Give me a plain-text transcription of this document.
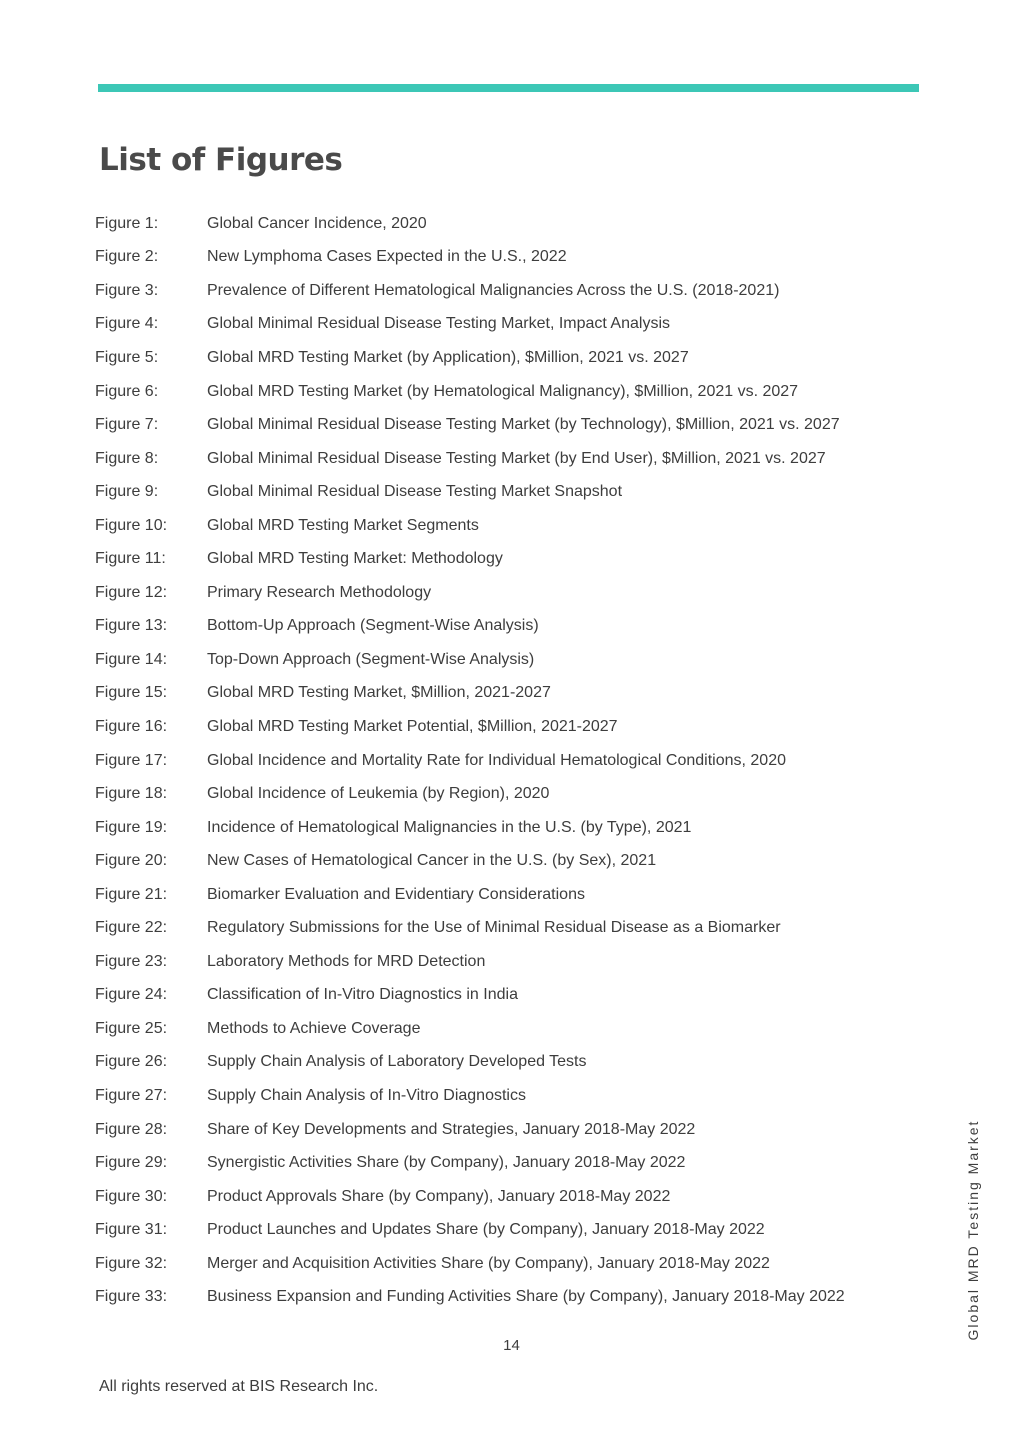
List of Figures
Figure 1:	Global Cancer Incidence, 2020
Figure 2:	New Lymphoma Cases Expected in the U.S., 2022
Figure 3:	Prevalence of Different Hematological Malignancies Across the U.S. (2018-2021)
Figure 4:	Global Minimal Residual Disease Testing Market, Impact Analysis
Figure 5:	Global MRD Testing Market (by Application), $Million, 2021 vs. 2027
Figure 6:	Global MRD Testing Market (by Hematological Malignancy), $Million, 2021 vs. 2027
Figure 7:	Global Minimal Residual Disease Testing Market (by Technology), $Million, 2021 vs. 2027
Figure 8:	Global Minimal Residual Disease Testing Market (by End User), $Million, 2021 vs. 2027
Figure 9:	Global Minimal Residual Disease Testing Market Snapshot
Figure 10:	Global MRD Testing Market Segments
Figure 11:	Global MRD Testing Market: Methodology
Figure 12:	Primary Research Methodology
Figure 13:	Bottom-Up Approach (Segment-Wise Analysis)
Figure 14:	Top-Down Approach (Segment-Wise Analysis)
Figure 15:	Global MRD Testing Market, $Million, 2021-2027
Figure 16:	Global MRD Testing Market Potential, $Million, 2021-2027
Figure 17:	Global Incidence and Mortality Rate for Individual Hematological Conditions, 2020
Figure 18:	Global Incidence of Leukemia (by Region), 2020
Figure 19:	Incidence of Hematological Malignancies in the U.S. (by Type), 2021
Figure 20:	New Cases of Hematological Cancer in the U.S. (by Sex), 2021
Figure 21:	Biomarker Evaluation and Evidentiary Considerations
Figure 22:	Regulatory Submissions for the Use of Minimal Residual Disease as a Biomarker
Figure 23:	Laboratory Methods for MRD Detection
Figure 24:	Classification of In-Vitro Diagnostics in India
Figure 25:	Methods to Achieve Coverage
Figure 26:	Supply Chain Analysis of Laboratory Developed Tests
Figure 27:	Supply Chain Analysis of In-Vitro Diagnostics
Figure 28:	Share of Key Developments and Strategies, January 2018-May 2022
Figure 29:	Synergistic Activities Share (by Company), January 2018-May 2022
Figure 30:	Product Approvals Share (by Company), January 2018-May 2022
Figure 31:	Product Launches and Updates Share (by Company), January 2018-May 2022
Figure 32:	Merger and Acquisition Activities Share (by Company), January 2018-May 2022
Figure 33:	Business Expansion and Funding Activities Share (by Company), January 2018-May 2022	Global MRD Testing Market
14
All rights reserved at BIS Research Inc.
